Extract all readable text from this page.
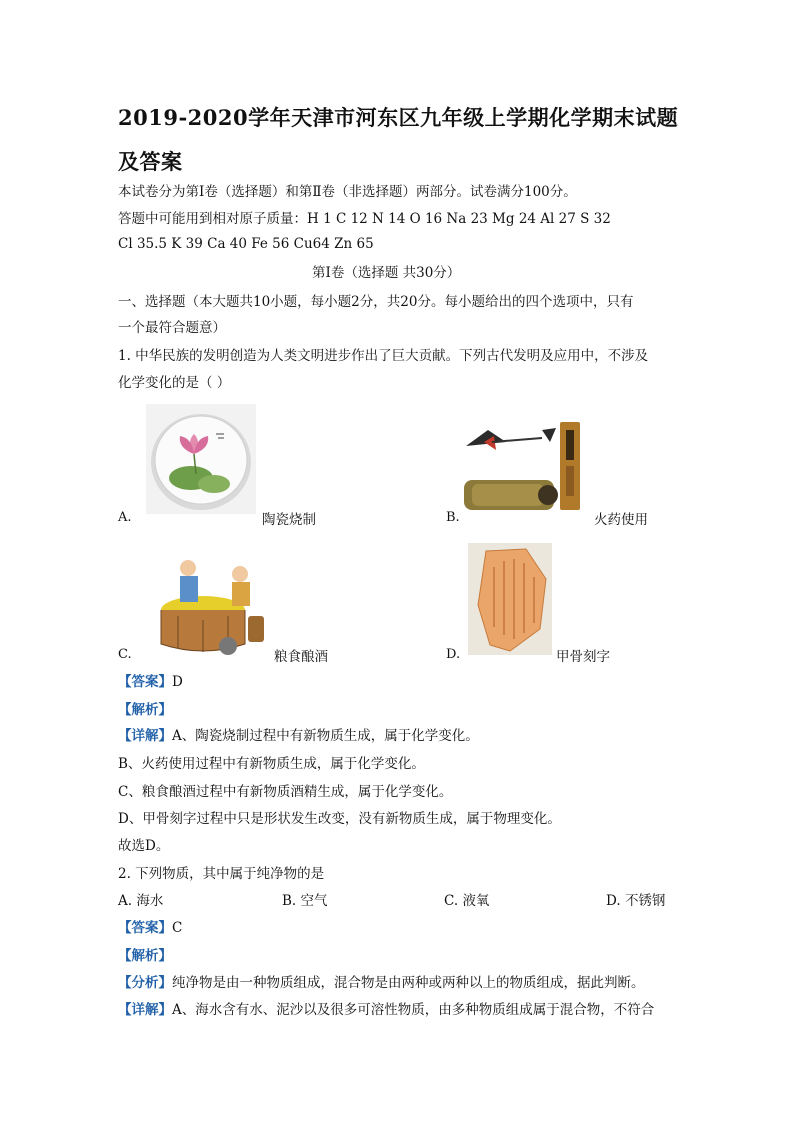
2019-2020学年天津市河东区九年级上学期化学期末试题及答案
本试卷分为第Ⅰ卷（选择题）和第Ⅱ卷（非选择题）两部分。试卷满分100分。
答题中可能用到相对原子质量：H 1 C 12 N 14 O 16 Na 23 Mg 24 Al 27 S 32
Cl 35.5 K 39 Ca 40 Fe 56 Cu64 Zn 65
第Ⅰ卷（选择题 共30分）
一、选择题（本大题共10小题，每小题2分，共20分。每小题给出的四个选项中，只有
一个最符合题意）
1. 中华民族的发明创造为人类文明进步作出了巨大贡献。下列古代发明及应用中，不涉及
化学变化的是（ ）
A.	陶瓷烧制	B.	火药使用
C.	粮食酿酒	D.	甲骨刻字
【答案】D
【解析】
【详解】A、陶瓷烧制过程中有新物质生成，属于化学变化。
B、火药使用过程中有新物质生成，属于化学变化。
C、粮食酿酒过程中有新物质酒精生成，属于化学变化。
D、甲骨刻字过程中只是形状发生改变，没有新物质生成，属于物理变化。
故选D。
2. 下列物质，其中属于纯净物的是
A. 海水	B. 空气	C. 液氧	D. 不锈钢
【答案】C
【解析】
【分析】纯净物是由一种物质组成，混合物是由两种或两种以上的物质组成，据此判断。
【详解】A、海水含有水、泥沙以及很多可溶性物质，由多种物质组成属于混合物，不符合
